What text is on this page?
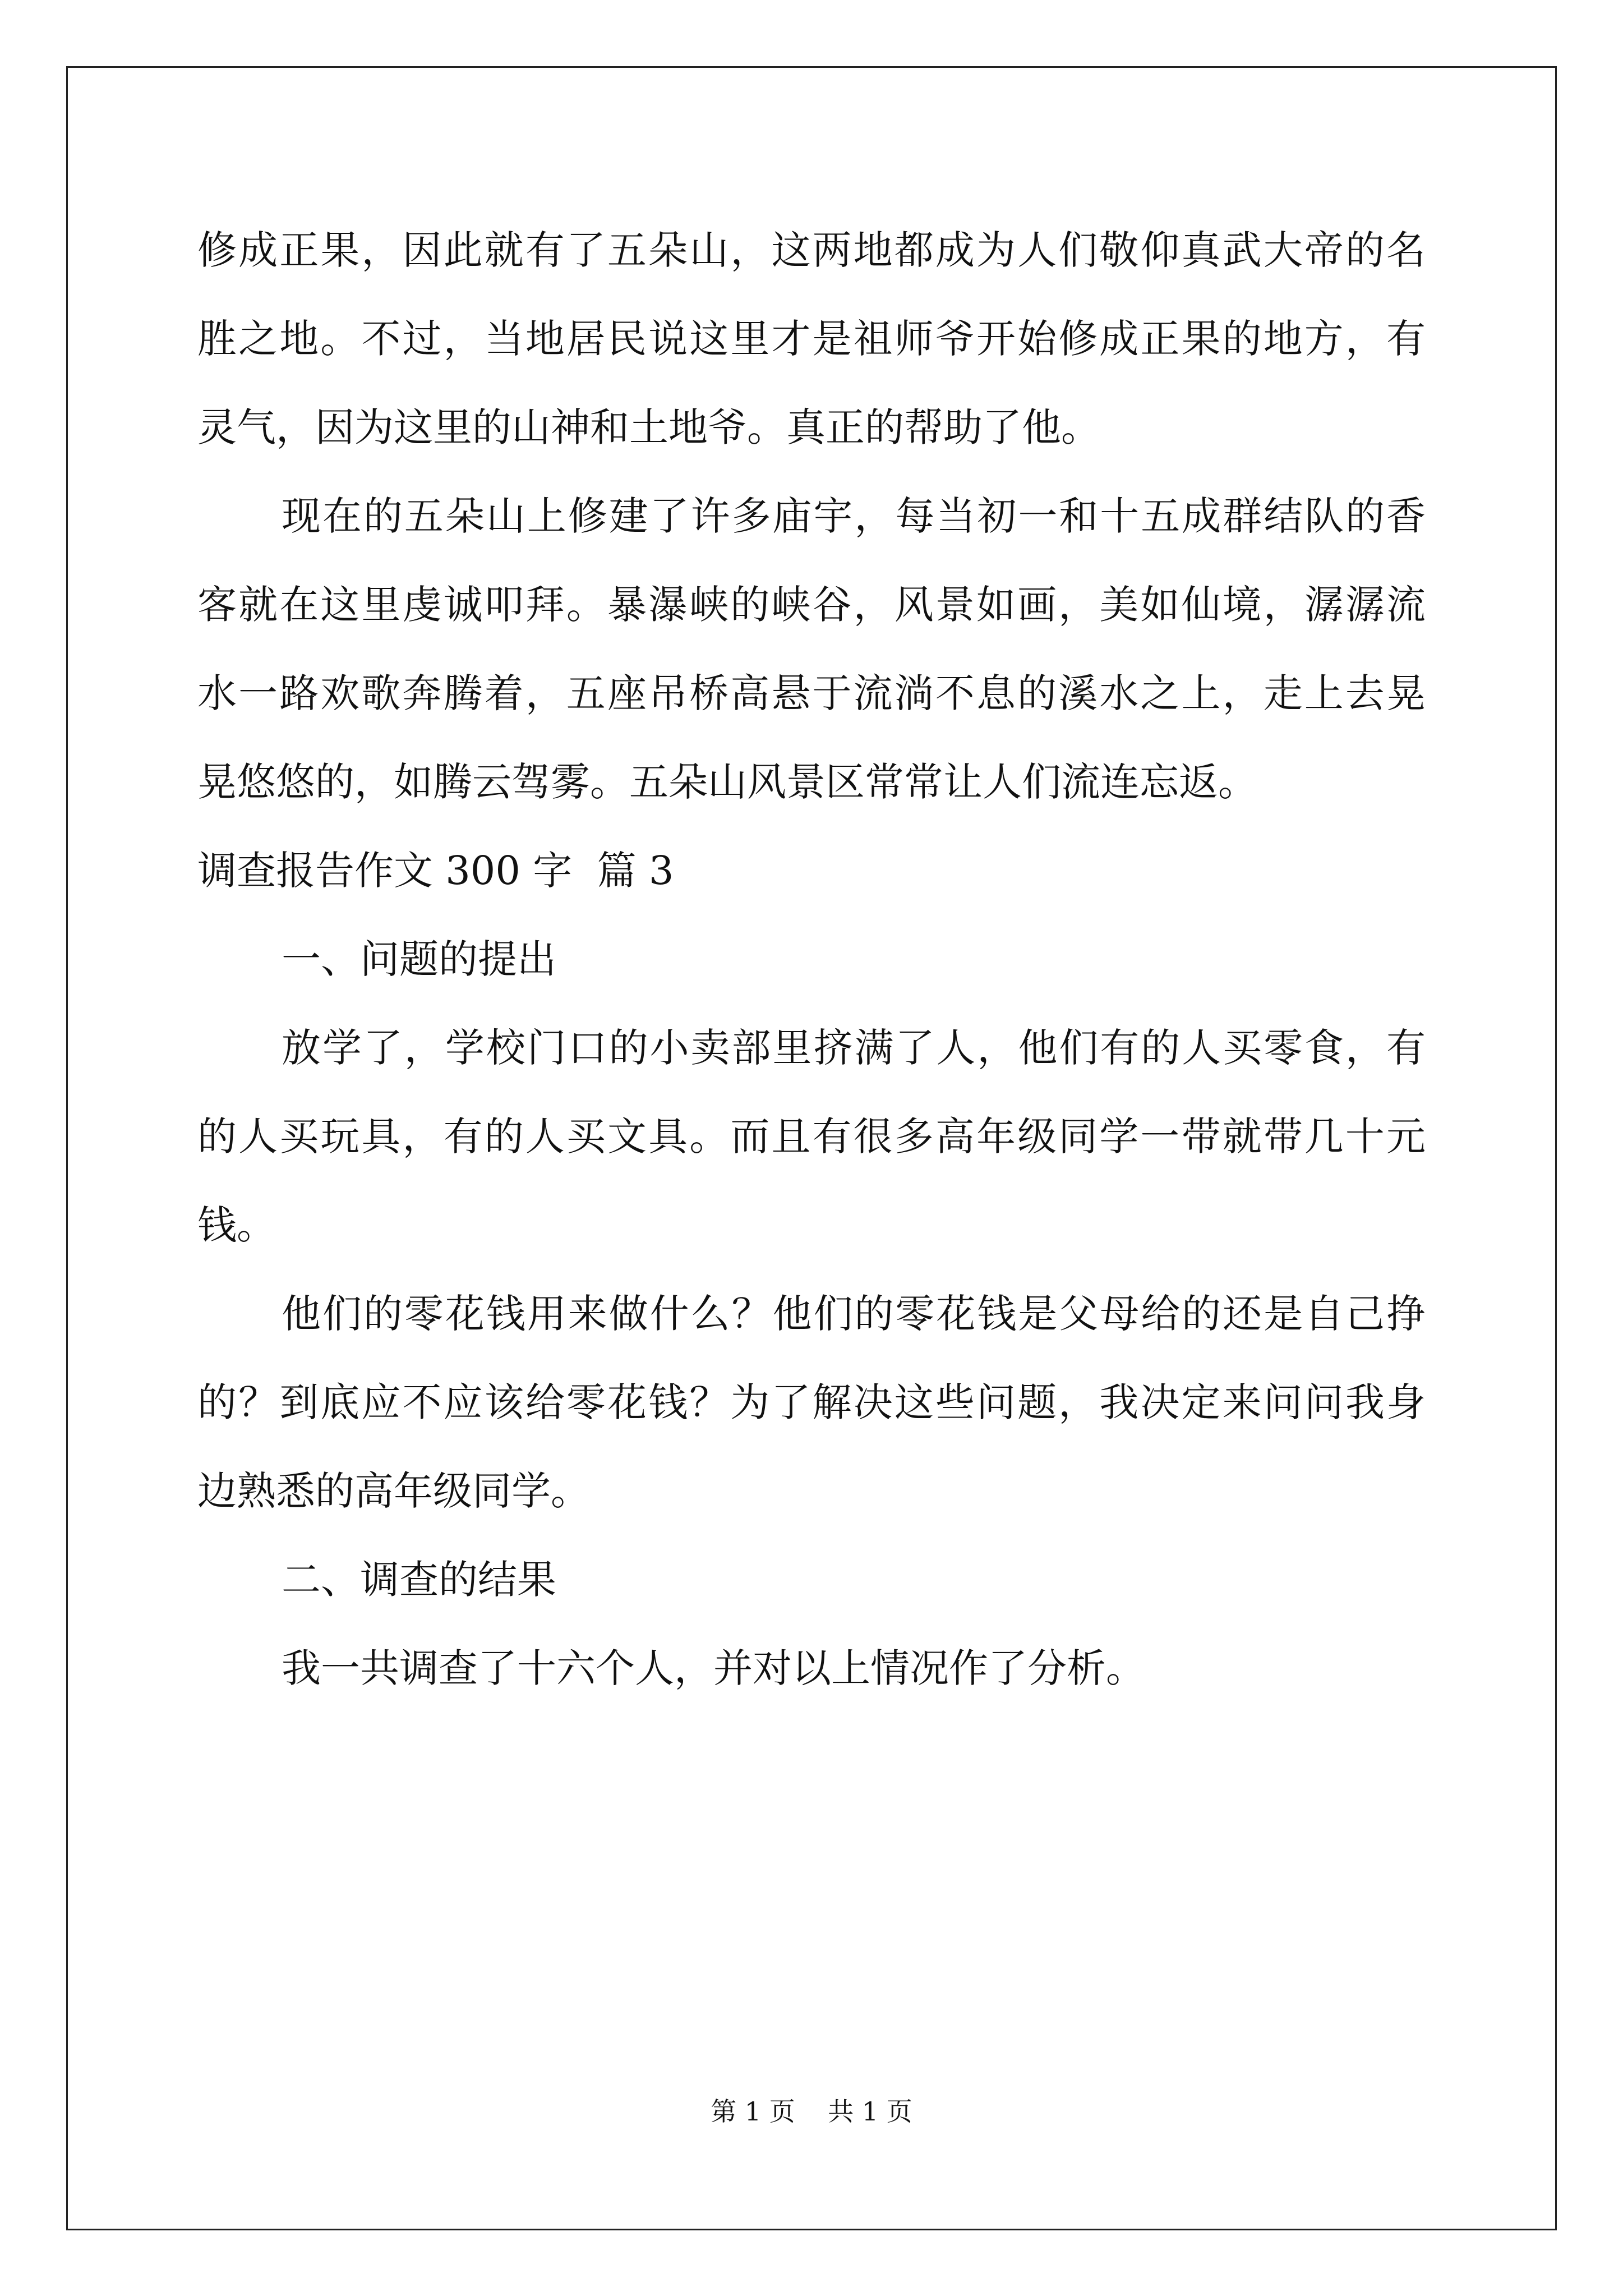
修成正果，因此就有了五朵山，这两地都成为人们敬仰真武大帝的名
胜之地。不过，当地居民说这里才是祖师爷开始修成正果的地方，有
灵气，因为这里的山神和土地爷。真正的帮助了他。
现在的五朵山上修建了许多庙宇，每当初一和十五成群结队的香
客就在这里虔诚叩拜。暴瀑峡的峡谷，风景如画，美如仙境，潺潺流
水一路欢歌奔腾着，五座吊桥高悬于流淌不息的溪水之上，走上去晃
晃悠悠的，如腾云驾雾。五朵山风景区常常让人们流连忘返。
调查报告作文 300 字  篇 3
一、问题的提出
放学了，学校门口的小卖部里挤满了人，他们有的人买零食，有
的人买玩具，有的人买文具。而且有很多高年级同学一带就带几十元
钱。
他们的零花钱用来做什么？他们的零花钱是父母给的还是自己挣
的？到底应不应该给零花钱？为了解决这些问题，我决定来问问我身
边熟悉的高年级同学。
二、调查的结果
我一共调查了十六个人，并对以上情况作了分析。
第 1 页    共 1 页
